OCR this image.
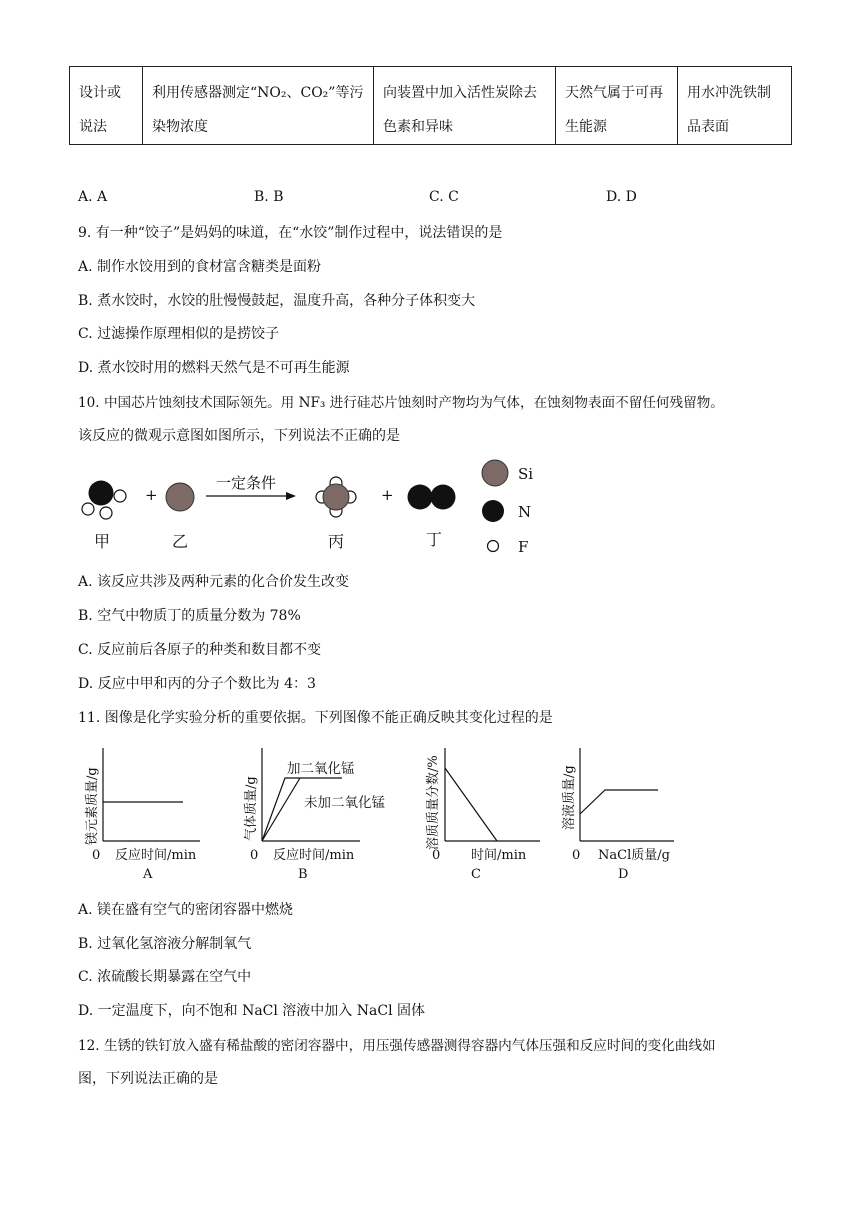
设计或说法	利用传感器测定“NO₂、CO₂”等污染物浓度	向装置中加入活性炭除去色素和异味	天然气属于可再生能源	用水冲洗铁制品表面
A. A	B. B	C. C	D. D
9. 有一种“饺子”是妈妈的味道，在“水饺”制作过程中，说法错误的是
A. 制作水饺用到的食材富含糖类是面粉
B. 煮水饺时，水饺的肚慢慢鼓起，温度升高，各种分子体积变大
C. 过滤操作原理相似的是捞饺子
D. 煮水饺时用的燃料天然气是不可再生能源
10. 中国芯片蚀刻技术国际领先。用 NF₃ 进行硅芯片蚀刻时产物均为气体，在蚀刻物表面不留任何残留物。
该反应的微观示意图如图所示，下列说法不正确的是
+
一定条件
+
甲	乙	丙	丁
Si
N
F
A. 该反应共涉及两种元素的化合价发生改变
B. 空气中物质丁的质量分数为 78%
C. 反应前后各原子的种类和数目都不变
D. 反应中甲和丙的分子个数比为 4：3
11. 图像是化学实验分析的重要依据。下列图像不能正确反映其变化过程的是
镁元素质量/g
0 反应时间/min
A
气体质量/g
加二氧化锰
未加二氧化锰
0 反应时间/min
B
溶质质量分数/%
0 时间/min
C
溶液质量/g
0 NaCl质量/g
D
A. 镁在盛有空气的密闭容器中燃烧
B. 过氧化氢溶液分解制氧气
C. 浓硫酸长期暴露在空气中
D. 一定温度下，向不饱和 NaCl 溶液中加入 NaCl 固体
12. 生锈的铁钉放入盛有稀盐酸的密闭容器中，用压强传感器测得容器内气体压强和反应时间的变化曲线如
图，下列说法正确的是
